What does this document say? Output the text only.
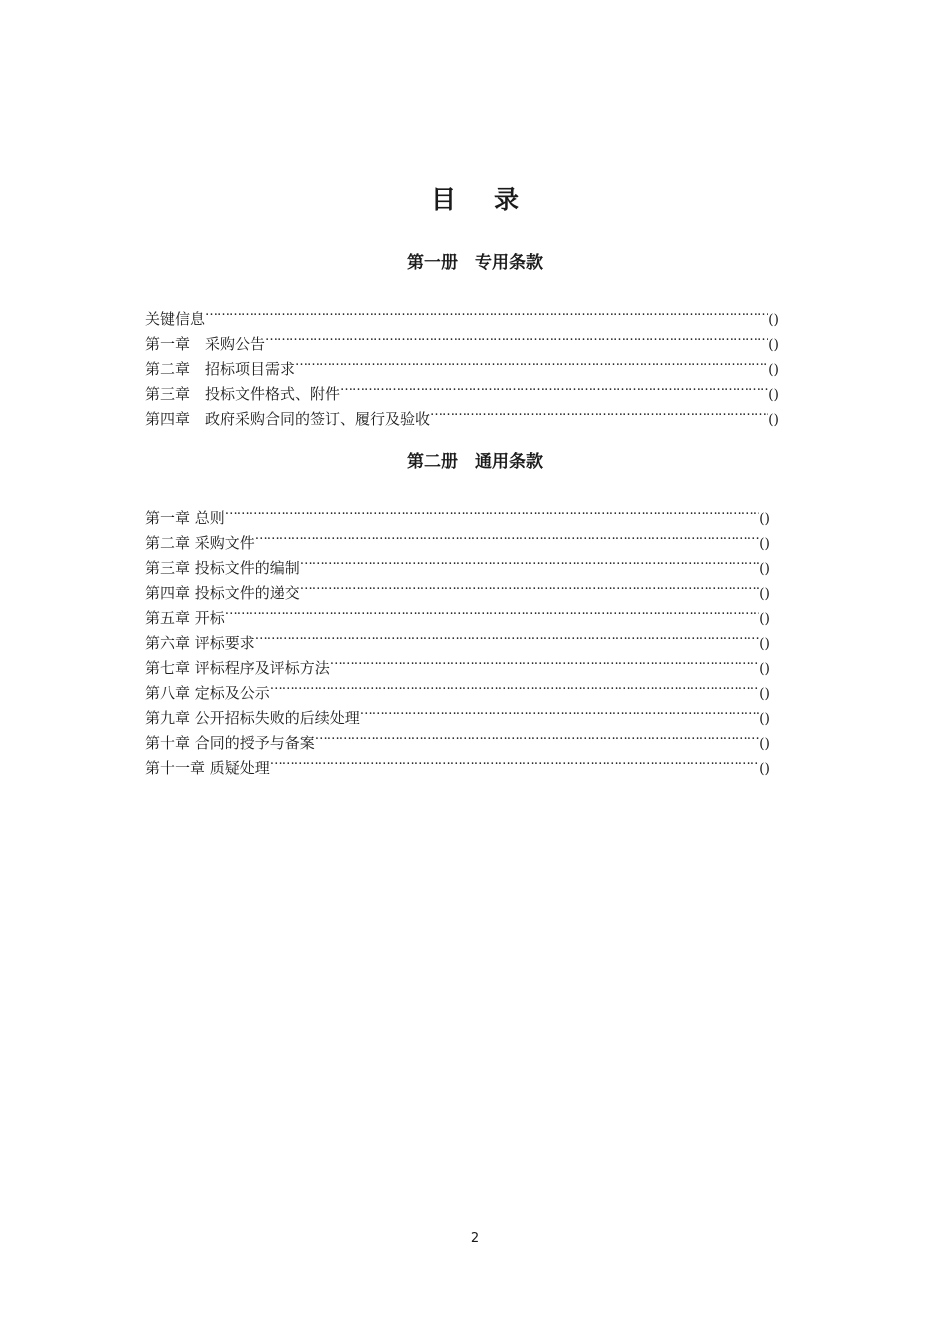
目录
第一册　专用条款
关键信息 ………………………………………………………………………………………………………………………………………………………………………………………………………………	()
第一章　采购公告 ………………………………………………………………………………………………………………………………………………………………………………………………………………	()
第二章　招标项目需求 ………………………………………………………………………………………………………………………………………………………………………………………………………………	()
第三章　投标文件格式、附件 ………………………………………………………………………………………………………………………………………………………………………………………………………………	()
第四章　政府采购合同的签订、履行及验收 ………………………………………………………………………………………………………………………………………………………………………………………………………………	()
第二册　通用条款
第一章 总则 ………………………………………………………………………………………………………………………………………………………………………………………………………………	()
第二章 采购文件 ………………………………………………………………………………………………………………………………………………………………………………………………………………	()
第三章 投标文件的编制 ………………………………………………………………………………………………………………………………………………………………………………………………………………	()
第四章 投标文件的递交 ………………………………………………………………………………………………………………………………………………………………………………………………………………	()
第五章 开标 ………………………………………………………………………………………………………………………………………………………………………………………………………………	()
第六章 评标要求 ………………………………………………………………………………………………………………………………………………………………………………………………………………	()
第七章 评标程序及评标方法 ………………………………………………………………………………………………………………………………………………………………………………………………………………	()
第八章 定标及公示 ………………………………………………………………………………………………………………………………………………………………………………………………………………	()
第九章 公开招标失败的后续处理 ………………………………………………………………………………………………………………………………………………………………………………………………………………	()
第十章 合同的授予与备案 ………………………………………………………………………………………………………………………………………………………………………………………………………………	()
第十一章 质疑处理 ………………………………………………………………………………………………………………………………………………………………………………………………………………	()
2
